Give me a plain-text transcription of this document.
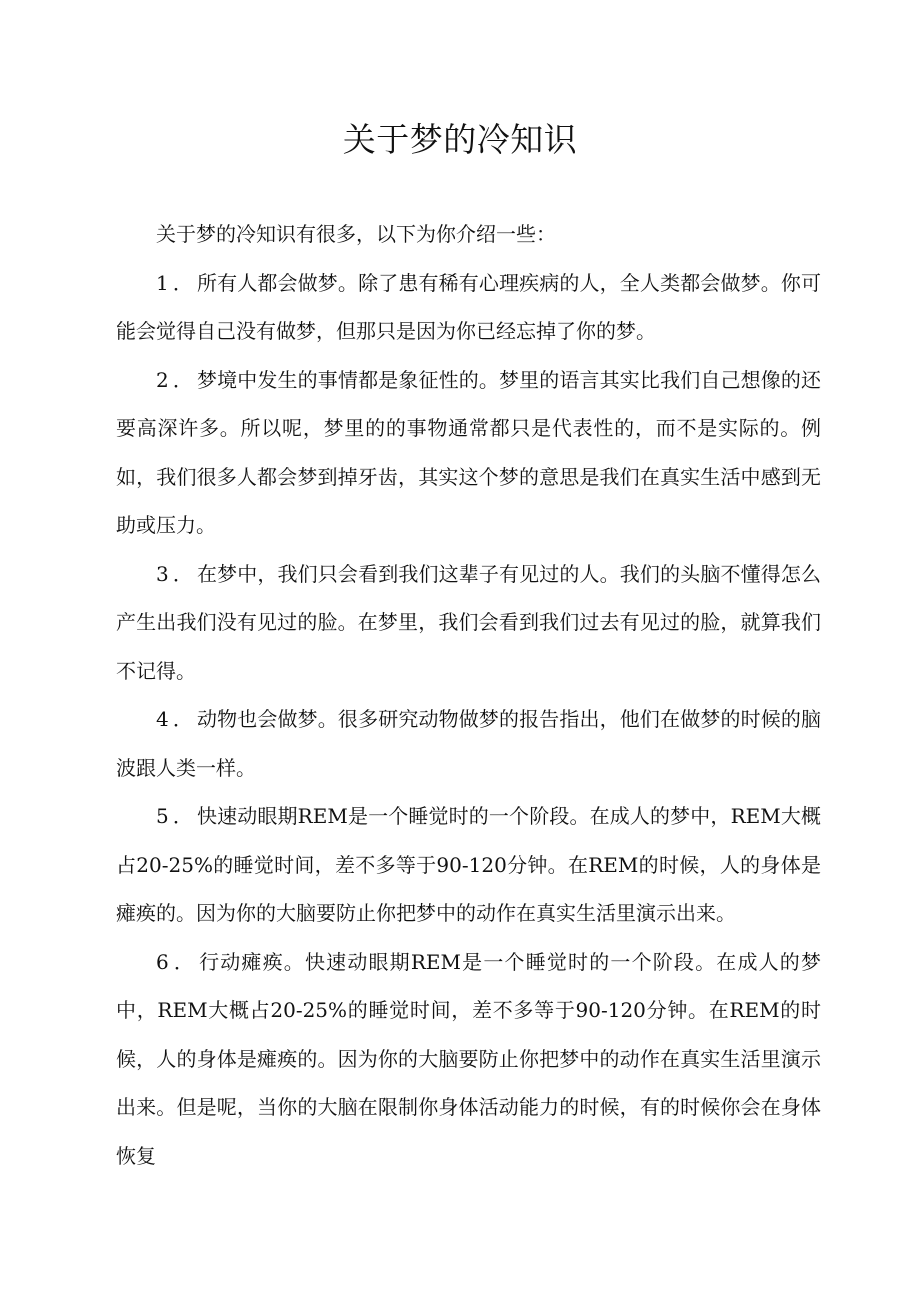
关于梦的冷知识

关于梦的冷知识有很多，以下为你介绍一些：

1．所有人都会做梦。除了患有稀有心理疾病的人，全人类都会做梦。你可能会觉得自己没有做梦，但那只是因为你已经忘掉了你的梦。

2．梦境中发生的事情都是象征性的。梦里的语言其实比我们自己想像的还要高深许多。所以呢，梦里的的事物通常都只是代表性的，而不是实际的。例如，我们很多人都会梦到掉牙齿，其实这个梦的意思是我们在真实生活中感到无助或压力。

3．在梦中，我们只会看到我们这辈子有见过的人。我们的头脑不懂得怎么产生出我们没有见过的脸。在梦里，我们会看到我们过去有见过的脸，就算我们不记得。

4．动物也会做梦。很多研究动物做梦的报告指出，他们在做梦的时候的脑波跟人类一样。

5．快速动眼期REM是一个睡觉时的一个阶段。在成人的梦中，REM大概占20-25%的睡觉时间，差不多等于90-120分钟。在REM的时候，人的身体是瘫痪的。因为你的大脑要防止你把梦中的动作在真实生活里演示出来。

6．行动瘫痪。快速动眼期REM是一个睡觉时的一个阶段。在成人的梦中，REM大概占20-25%的睡觉时间，差不多等于90-120分钟。在REM的时候，人的身体是瘫痪的。因为你的大脑要防止你把梦中的动作在真实生活里演示出来。但是呢，当你的大脑在限制你身体活动能力的时候，有的时候你会在身体恢复
